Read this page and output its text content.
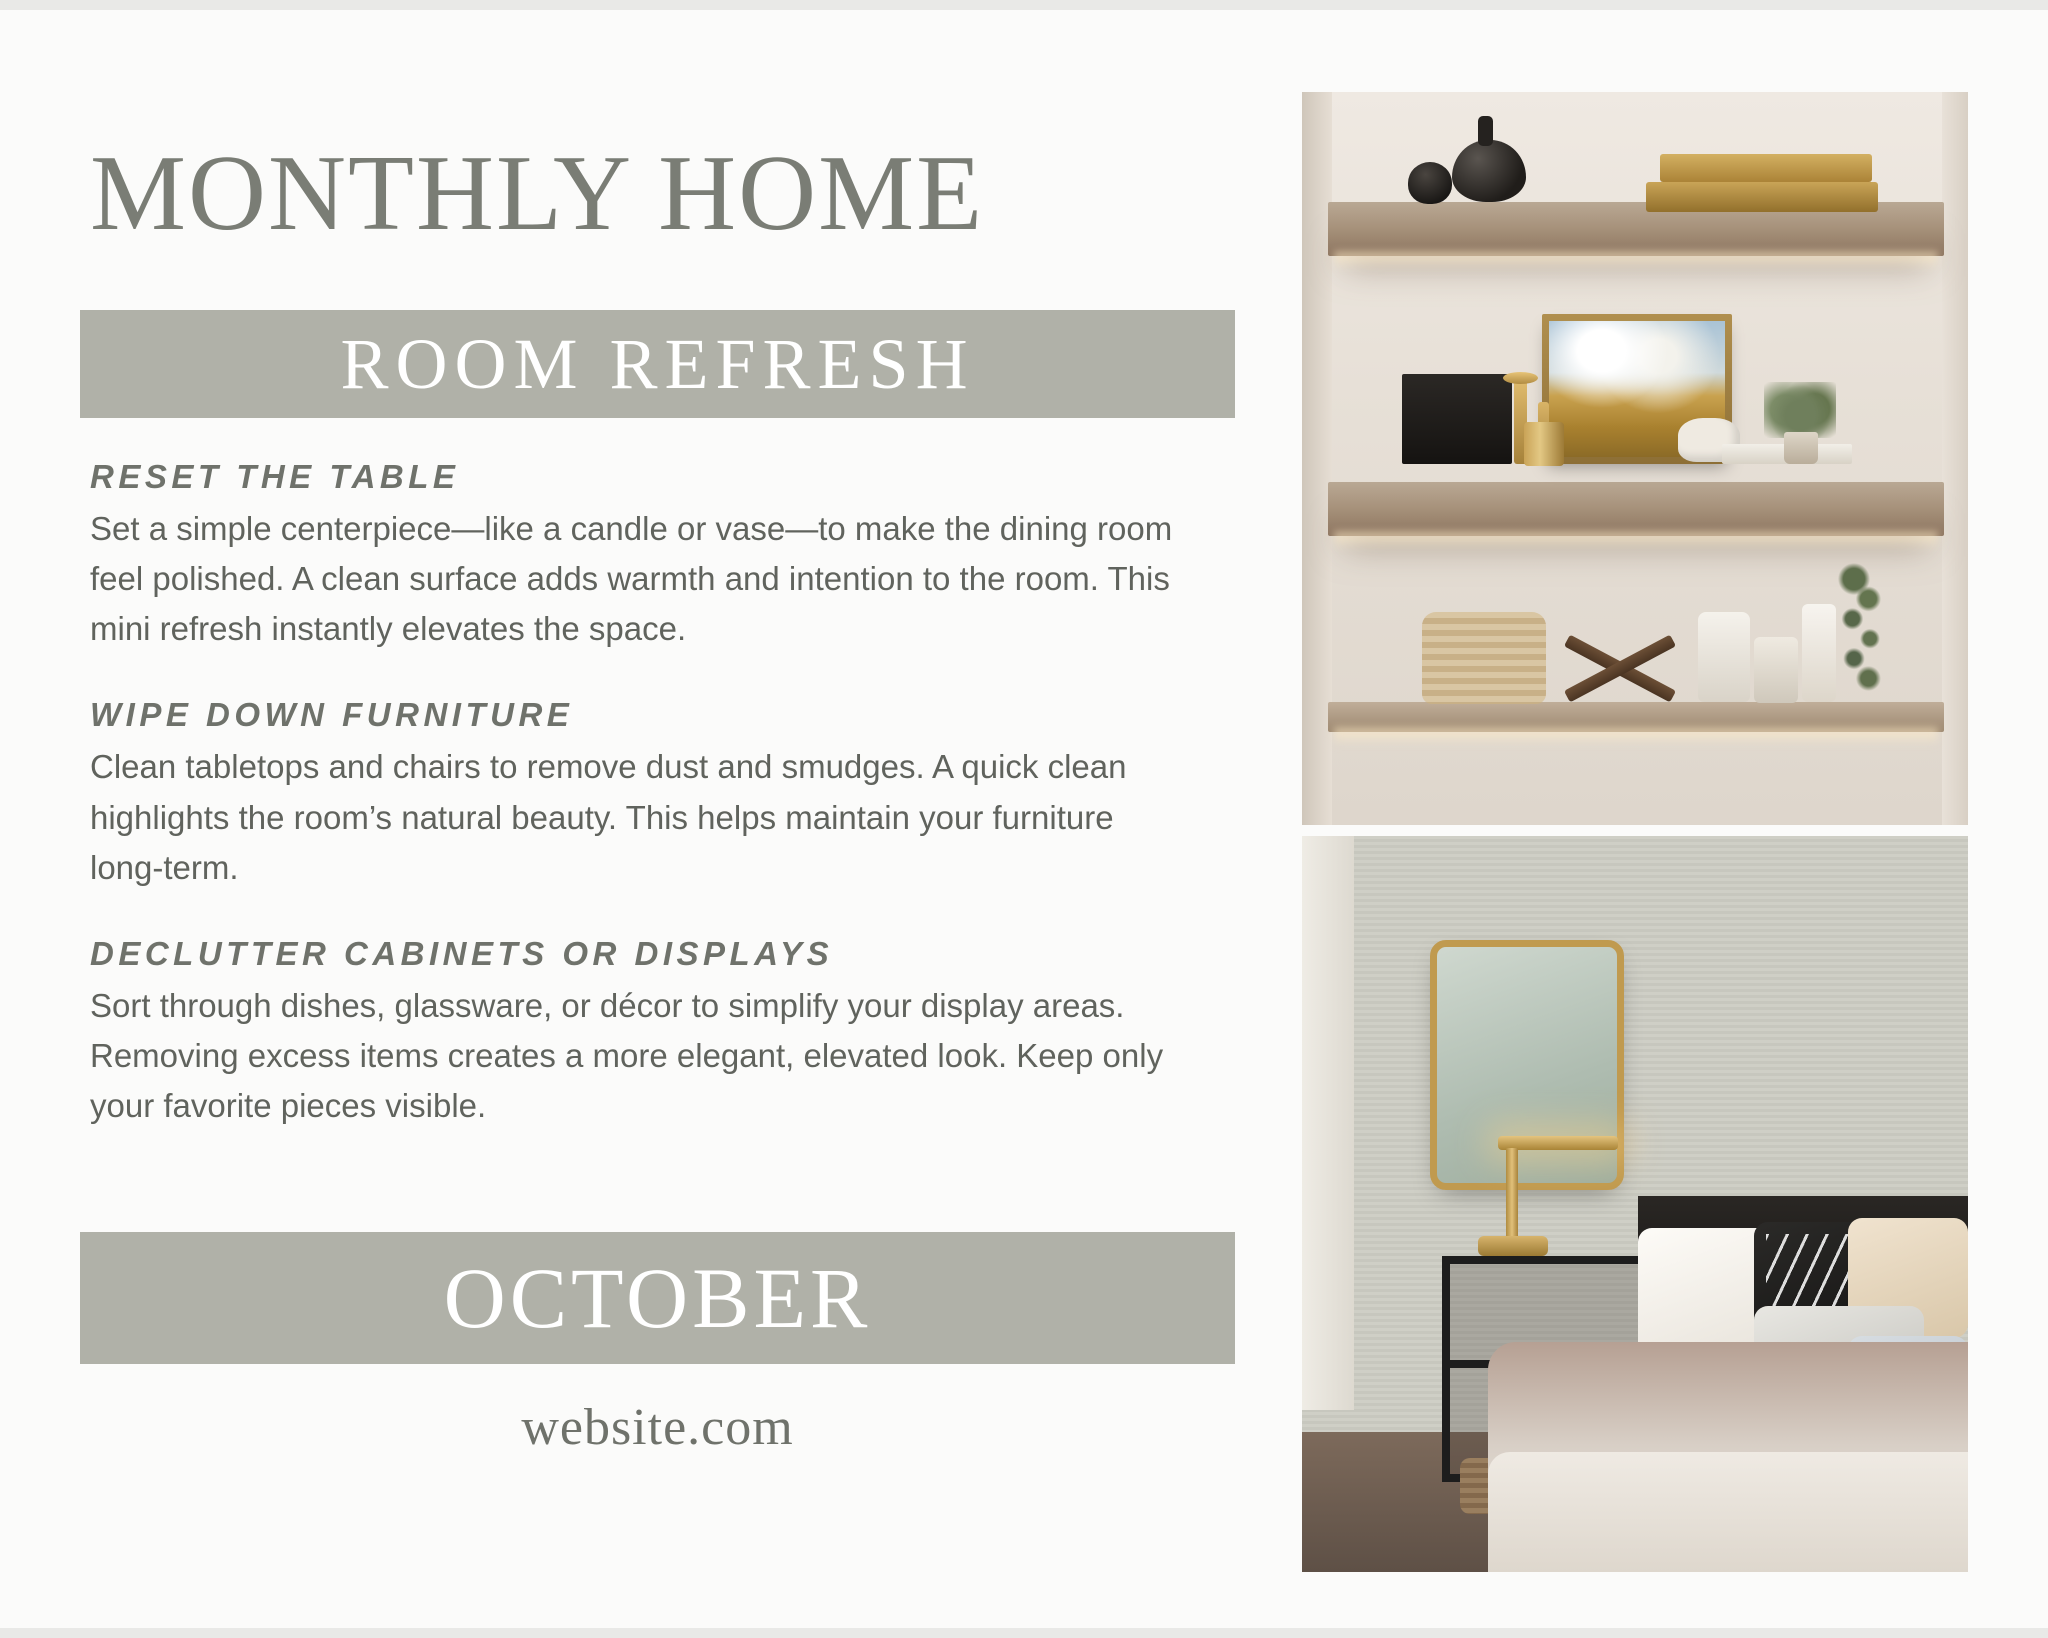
MONTHLY HOME
ROOM REFRESH
RESET THE TABLE

Set a simple centerpiece—like a candle or vase—to make the dining room feel polished. A clean surface adds warmth and intention to the room. This mini refresh instantly elevates the space.

WIPE DOWN FURNITURE

Clean tabletops and chairs to remove dust and smudges. A quick clean highlights the room’s natural beauty. This helps maintain your furniture long-term.

DECLUTTER CABINETS OR DISPLAYS

Sort through dishes, glassware, or décor to simplify your display areas. Removing excess items creates a more elegant, elevated look. Keep only your favorite pieces visible.

OCTOBER
website.com
